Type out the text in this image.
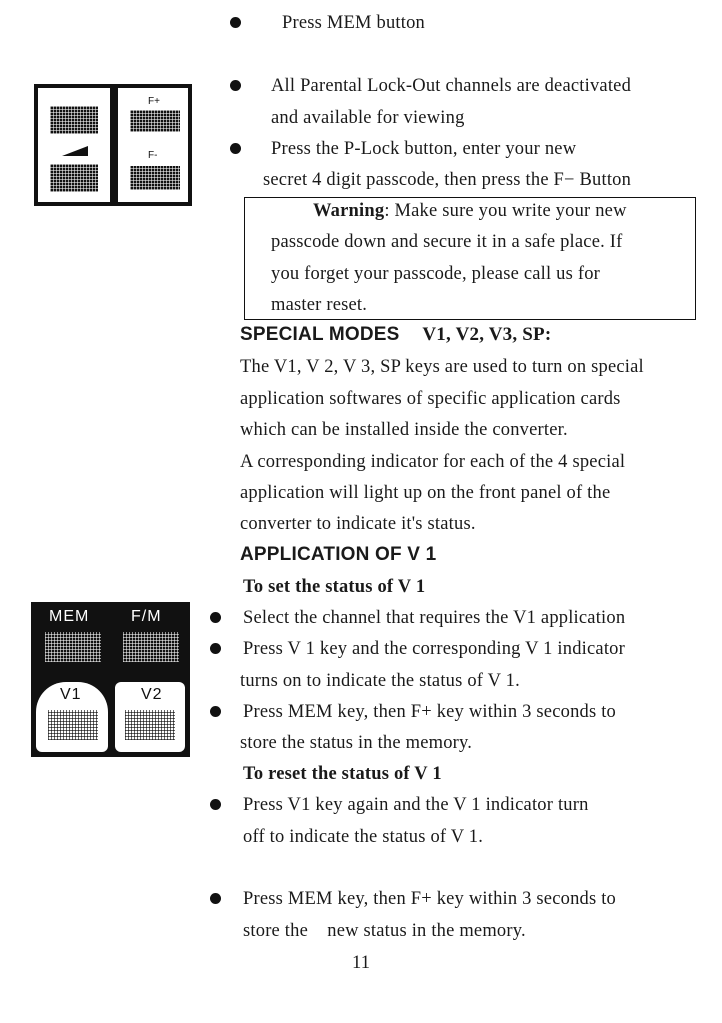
F+
F-
MEM	F/M
V1	V2
Press MEM button
All Parental Lock-Out channels are deactivated
and available for viewing
Press the P-Lock button, enter your new
secret 4 digit passcode, then press the F− Button
Warning: Make sure you write your new
passcode down and secure it in a safe place. If
you forget your passcode, please call us for
master reset.
SPECIAL MODES V1, V2, V3, SP:
The V1, V 2, V 3, SP keys are used to turn on special
application softwares of specific application cards
which can be installed inside the converter.
A corresponding indicator for each of the 4 special
application will light up on the front panel of the
converter to indicate it's status.
APPLICATION OF V 1
To set the status of V 1
Select the channel that requires the V1 application
Press V 1 key and the corresponding V 1 indicator
turns on to indicate the status of V 1.
Press MEM key, then F+ key within 3 seconds to
store the status in the memory.
To reset the status of V 1
Press V1 key again and the V 1 indicator turn
off to indicate the status of V 1.
Press MEM key, then F+ key within 3 seconds to
store the    new status in the memory.
11
